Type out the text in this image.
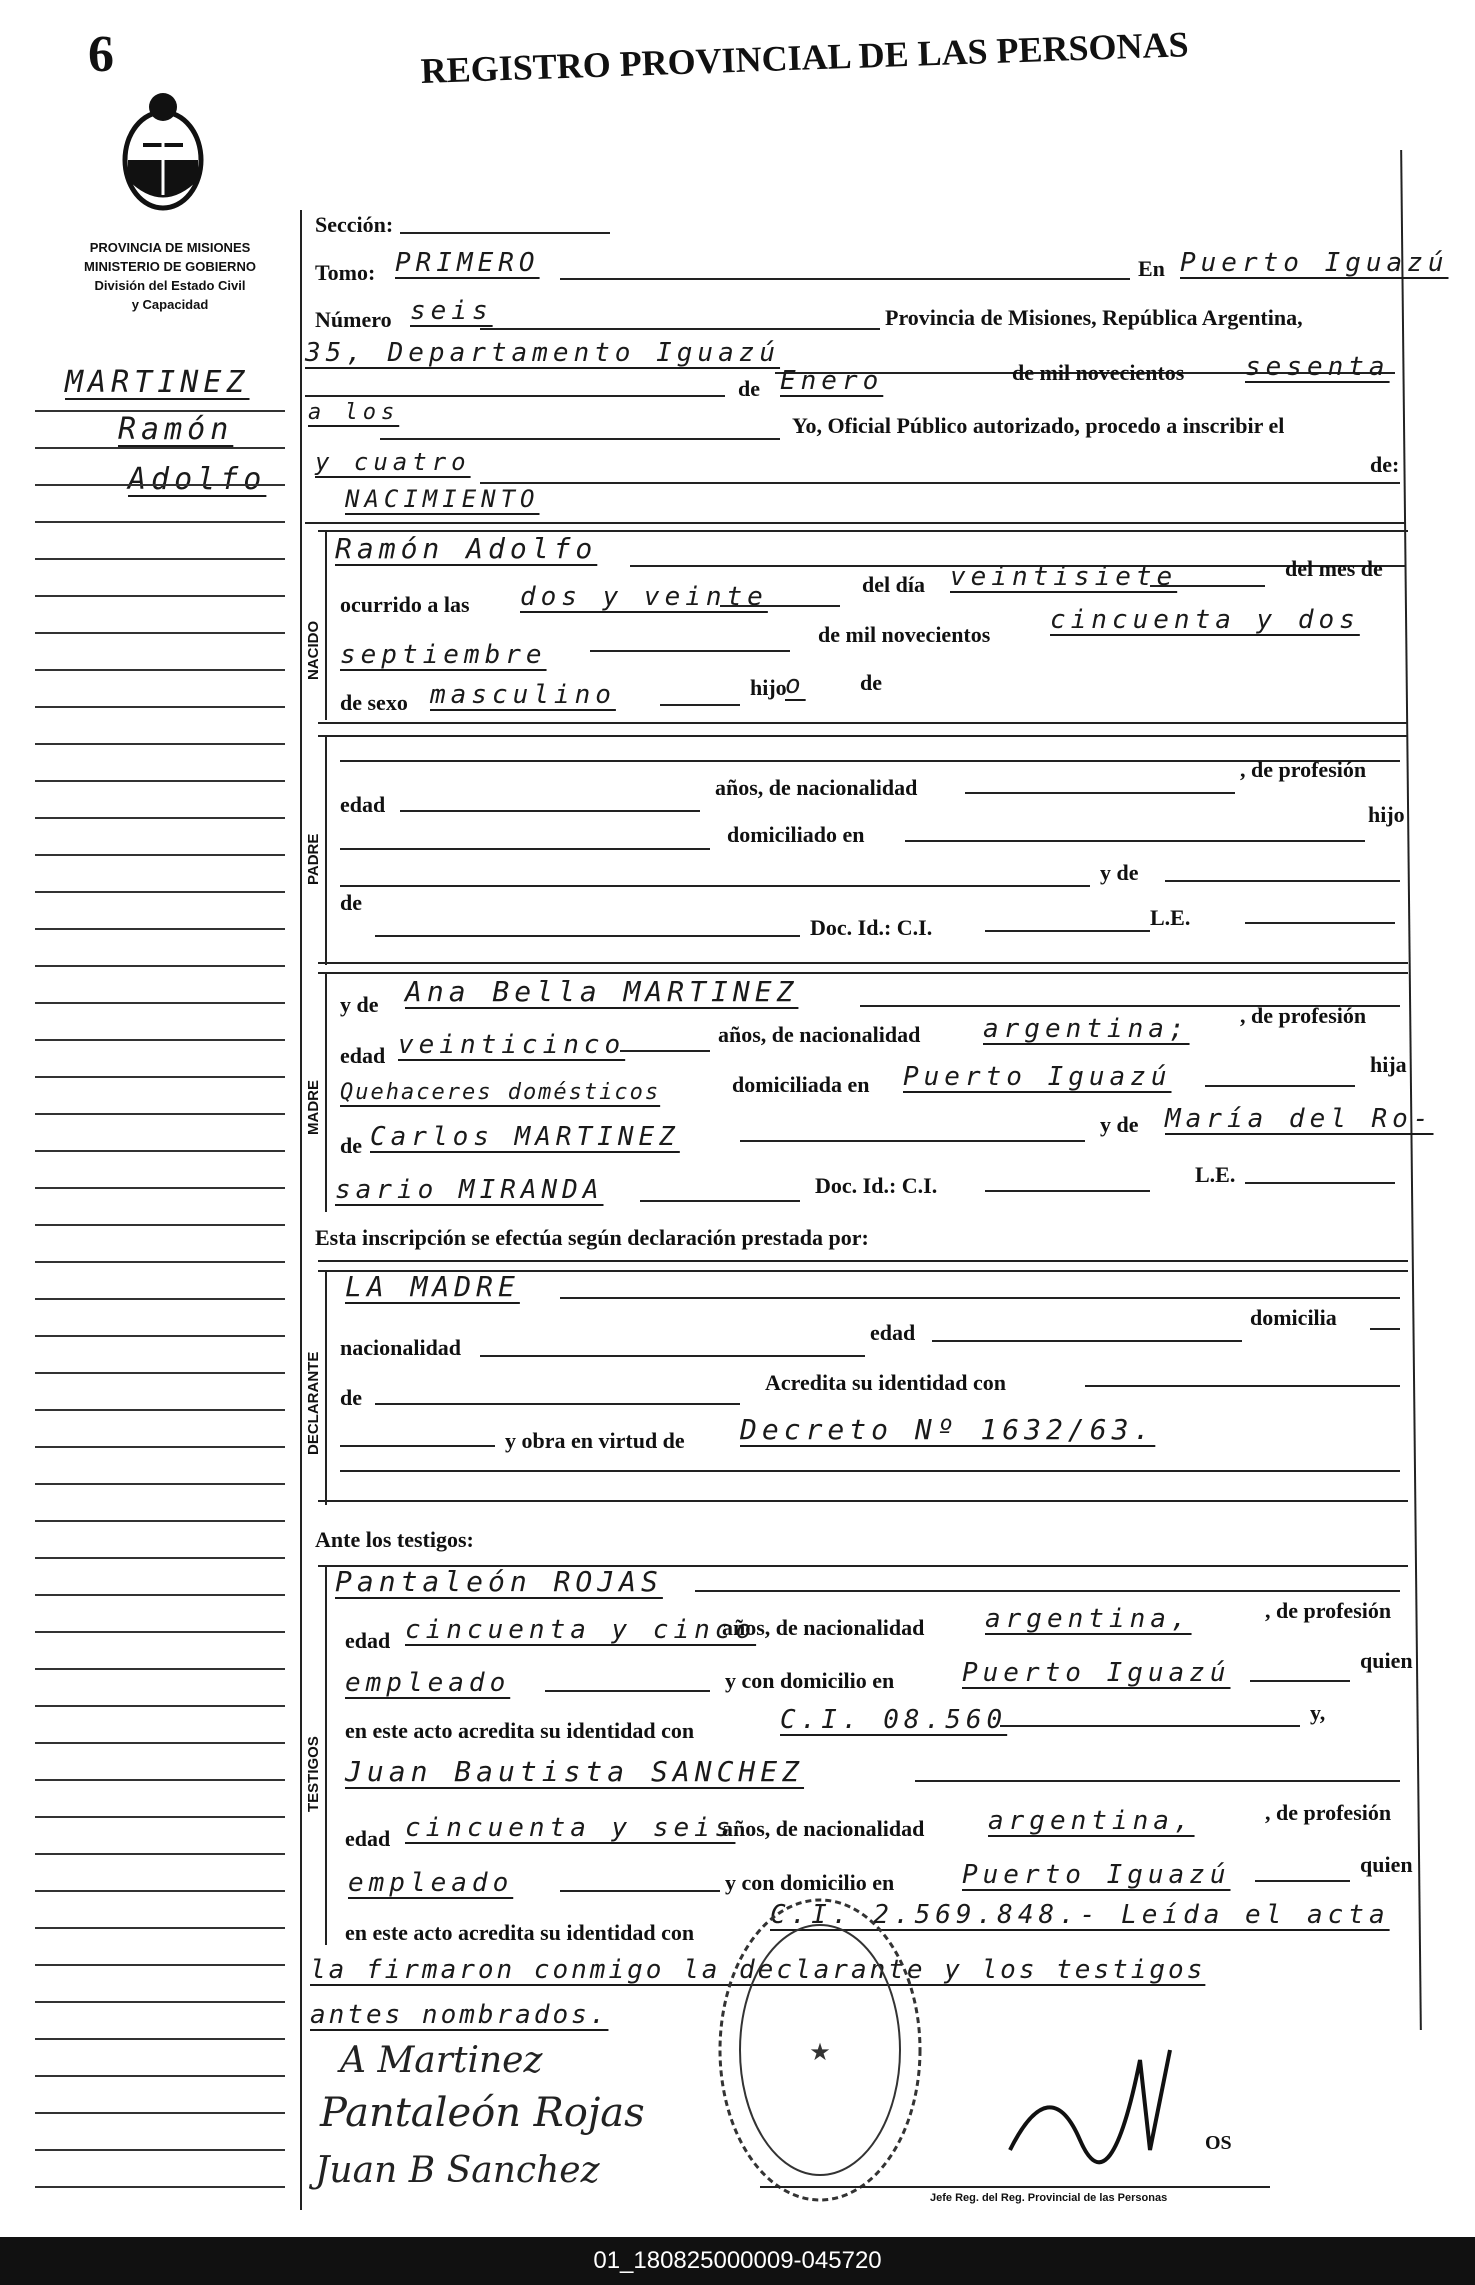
6	REGISTRO PROVINCIAL DE LAS PERSONAS
PROVINCIA DE MISIONES
MINISTERIO DE GOBIERNO
División del Estado Civil
y Capacidad
MARTINEZ
Ramón
Adolfo
Sección:
Tomo: PRIMERO	En Puerto Iguazú
Número seis	Provincia de Misiones, República Argentina,
35, Departamento Iguazú
de Enero	de mil novecientos sesenta
a los
Yo, Oficial Público autorizado, procedo a inscribir el
y cuatro	de:
NACIMIENTO
NACIDO
Ramón Adolfo
ocurrido a las dos y veinte	del día veintisiete	del mes de
septiembre
de mil novecientos cincuenta y dos
de sexo masculino	hijo
o de
PADRE
edad
años, de nacionalidad
, de profesión
domiciliado en
hijo
y de
de
Doc. Id.: C.I.	L.E.
MADRE
y de Ana Bella MARTINEZ
edad veinticinco	años, de nacionalidad argentina; , de profesión
Quehaceres domésticos	domiciliada en Puerto Iguazú	hija
de Carlos MARTINEZ	y de María del Ro-
sario MIRANDA	Doc. Id.: C.I.	L.E.
Esta inscripción se efectúa según declaración prestada por:
DECLARANTE
LA MADRE
nacionalidad
edad
domicilia
de
Acredita su identidad con
y obra en virtud de Decreto Nº 1632/63.
Ante los testigos:
TESTIGOS
Pantaleón ROJAS
edad cincuenta y cinco
años, de nacionalidad argentina,	, de profesión
empleado	y con domicilio en	Puerto Iguazú	quien
en este acto acredita su identidad con	C.I. 08.560	y,
Juan Bautista SANCHEZ
edad cincuenta y seis
años, de nacionalidad argentina,	, de profesión
empleado	y con domicilio en	Puerto Iguazú	quien
en este acto acredita su identidad con
C.I. 2.569.848.- Leída el acta
la firmaron conmigo la declarante y los testigos
antes nombrados.
★
A Martinez
Pantaleón Rojas
Juan B Sanchez
OS
Jefe Reg. del Reg. Provincial de las Personas
01_180825000009-045720
